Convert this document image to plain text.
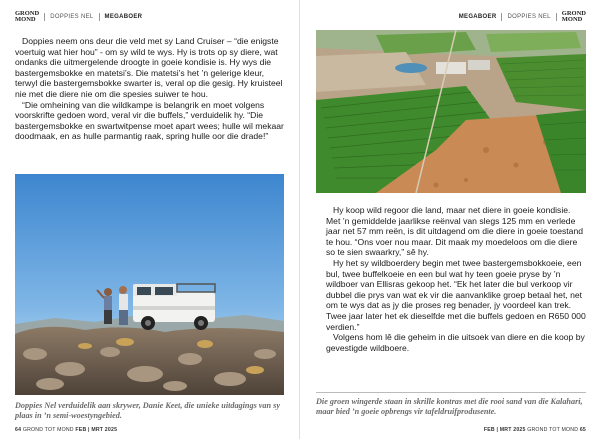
GROND
MOND	DOPPIES NEL MEGABOER

Doppies neem ons deur die veld met sy Land Cruiser – “die enigste voertuig wat hier hou” - om sy wild te wys. Hy is trots op sy diere, wat ondanks die uitmergelende droogte in goeie kondisie is. Hy wys die bastergemsbokke en matetsi’s. Die matetsi’s het ’n gelerige kleur, terwyl die bastergemsbokke swarter is, veral op die gesig. Hy kruisteel nie met die diere nie om die spesies suiwer te hou.

“Die omheining van die wildkampe is belangrik en moet volgens voorskrifte gedoen word, veral vir die buffels,” verduidelik hy. “Die bastergemsbokke en swartwitpense moet apart wees; hulle wil mekaar doodmaak, en as hulle parmantig raak, spring hulle oor die drade!”

Doppies Nel verduidelik aan skrywer, Danie Keet, die unieke uitdagings van sy plaas in ’n semi-woestyngebied.
64 GROND TOT MOND FEB | MRT 2025
MEGABOER DOPPIES NEL GROND
MOND

Hy koop wild regoor die land, maar net diere in goeie kondisie. Met ’n gemiddelde jaarlikse reënval van slegs 125 mm en verlede jaar net 57 mm reën, is dit uitdagend om die diere in goeie toestand te hou. “Ons voer nou maar. Dit maak my moedeloos om die diere so te sien swaarkry,” sê hy.

Hy het sy wildboerdery begin met twee bastergemsbokkoeie, een bul, twee buffelkoeie en een bul wat hy teen goeie pryse by ’n wildboer van Ellisras gekoop het. “Ek het later die bul verkoop vir dubbel die prys van wat ek vir die aanvanklike groep betaal het, net om te wys dat as jy die proses reg benader, jy voordeel kan trek. Twee jaar later het ek dieselfde met die buffels gedoen en R650 000 verdien.”

Volgens hom lê die geheim in die uitsoek van diere en die koop by gevestigde wildboere.

Die groen wingerde staan in skrille kontras met die rooi sand van die Kalahari, maar bied ’n goeie opbrengs vir tafeldruifprodusente.
FEB | MRT 2025 GROND TOT MOND 65
